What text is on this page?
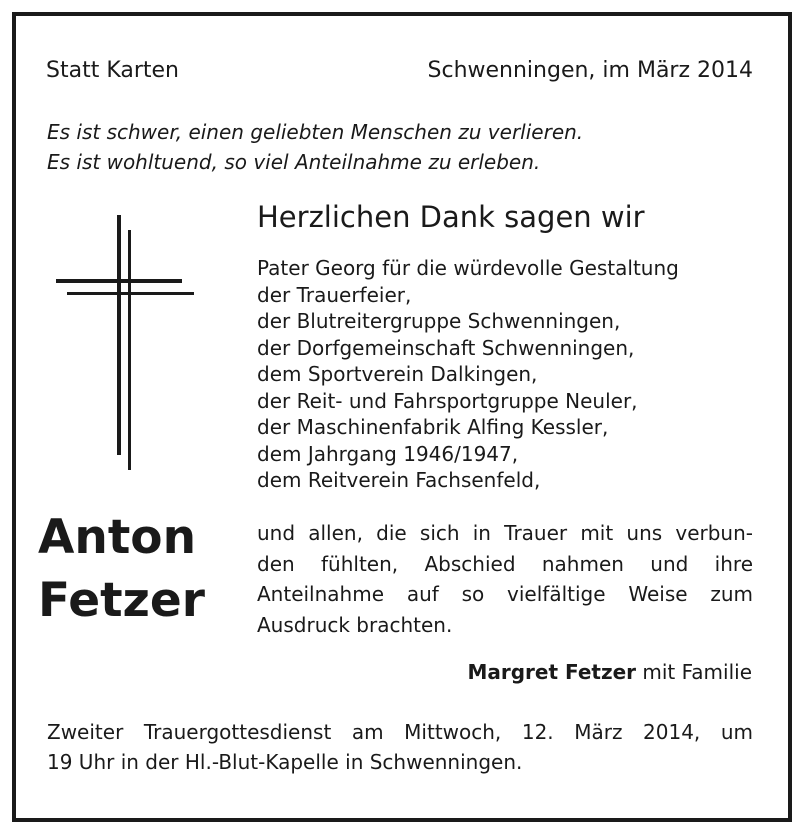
Statt Karten	Schwenningen, im März 2014
Es ist schwer, einen geliebten Menschen zu verlieren.
Es ist wohltuend, so viel Anteilnahme zu erleben.
Anton
Fetzer
Herzlichen Dank sagen wir
Pater Georg für die würdevolle Gestaltung
der Trauerfeier,
der Blutreitergruppe Schwenningen,
der Dorfgemeinschaft Schwenningen,
dem Sportverein Dalkingen,
der Reit- und Fahrsportgruppe Neuler,
der Maschinenfabrik Alfing Kessler,
dem Jahrgang 1946/1947,
dem Reitverein Fachsenfeld,
und allen, die sich in Trauer mit uns verbun-
den fühlten, Abschied nahmen und ihre
Anteilnahme auf so vielfältige Weise zum
Ausdruck brachten.
Margret Fetzer mit Familie
Zweiter Trauergottesdienst am Mittwoch, 12. März 2014, um
19 Uhr in der Hl.-Blut-Kapelle in Schwenningen.
